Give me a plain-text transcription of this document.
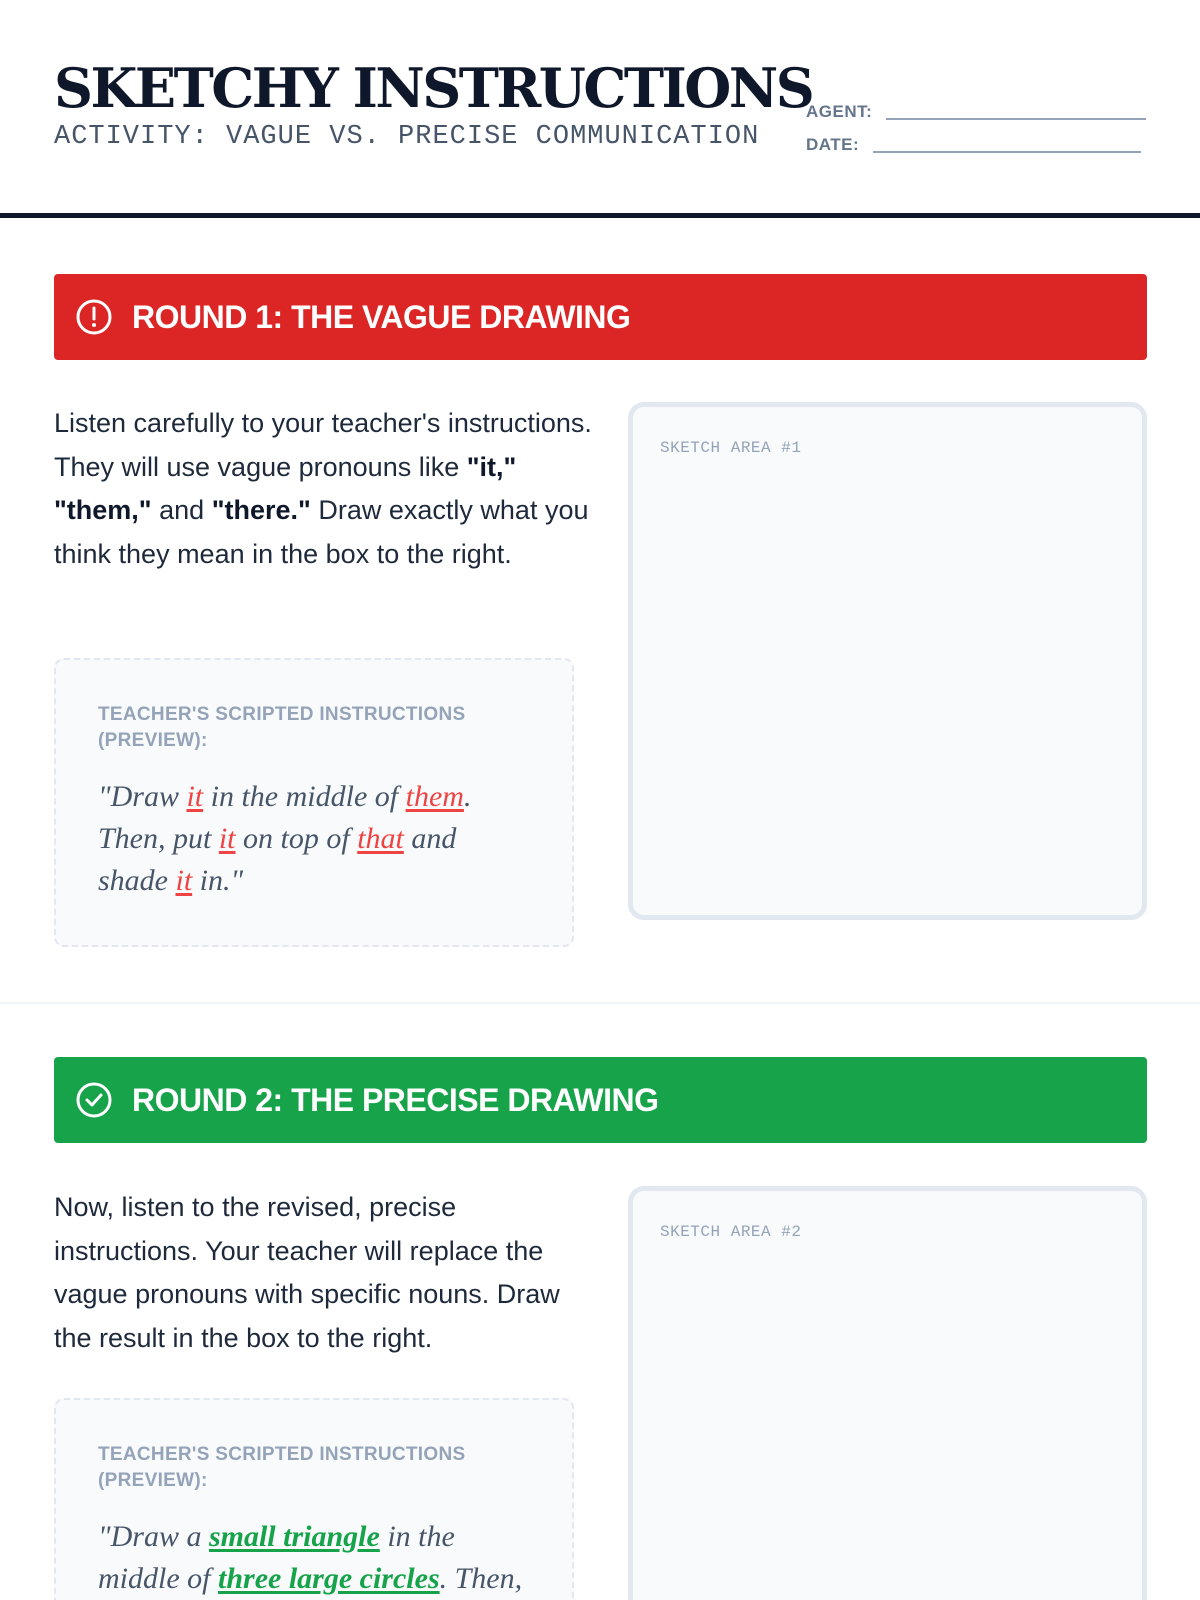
SKETCHY INSTRUCTIONS
ACTIVITY: VAGUE VS. PRECISE COMMUNICATION
AGENT:
DATE:
ROUND 1: THE VAGUE DRAWING
Listen carefully to your teacher's instructions. They will use vague pronouns like "it," "them," and "there." Draw exactly what you think they mean in the box to the right.
TEACHER'S SCRIPTED INSTRUCTIONS (PREVIEW):
"Draw it in the middle of them. Then, put it on top of that and shade it in."
SKETCH AREA #1
ROUND 2: THE PRECISE DRAWING
Now, listen to the revised, precise instructions. Your teacher will replace the vague pronouns with specific nouns. Draw the result in the box to the right.
TEACHER'S SCRIPTED INSTRUCTIONS (PREVIEW):
"Draw a small triangle in the middle of three large circles. Then,
SKETCH AREA #2
